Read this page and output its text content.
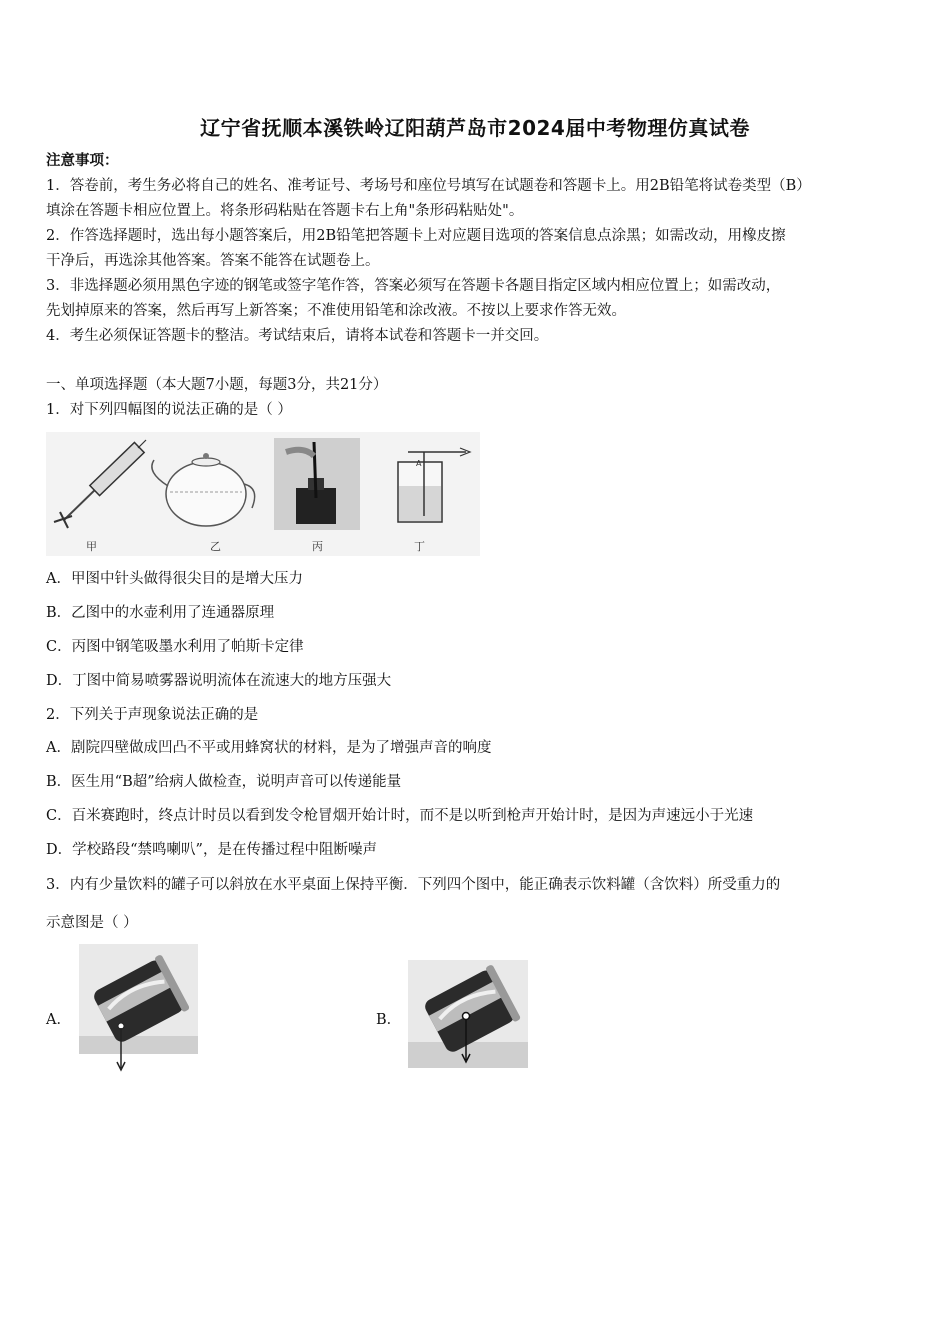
辽宁省抚顺本溪铁岭辽阳葫芦岛市2024届中考物理仿真试卷
注意事项：
1．答卷前，考生务必将自己的姓名、准考证号、考场号和座位号填写在试题卷和答题卡上。用2B铅笔将试卷类型（B）
填涂在答题卡相应位置上。将条形码粘贴在答题卡右上角"条形码粘贴处"。
2．作答选择题时，选出每小题答案后，用2B铅笔把答题卡上对应题目选项的答案信息点涂黑；如需改动，用橡皮擦
干净后，再选涂其他答案。答案不能答在试题卷上。
3．非选择题必须用黑色字迹的钢笔或签字笔作答，答案必须写在答题卡各题目指定区域内相应位置上；如需改动，
先划掉原来的答案，然后再写上新答案；不准使用铅笔和涂改液。不按以上要求作答无效。
4．考生必须保证答题卡的整洁。考试结束后，请将本试卷和答题卡一并交回。
一、单项选择题（本大题7小题，每题3分，共21分）
1．对下列四幅图的说法正确的是（ ）
A
甲	乙	丙	丁
A．甲图中针头做得很尖目的是增大压力
B．乙图中的水壶利用了连通器原理
C．丙图中钢笔吸墨水利用了帕斯卡定律
D．丁图中简易喷雾器说明流体在流速大的地方压强大
2．下列关于声现象说法正确的是
A．剧院四壁做成凹凸不平或用蜂窝状的材料，是为了增强声音的响度
B．医生用“B超”给病人做检查，说明声音可以传递能量
C．百米赛跑时，终点计时员以看到发令枪冒烟开始计时，而不是以听到枪声开始计时，是因为声速远小于光速
D．学校路段“禁鸣喇叭”，是在传播过程中阻断噪声
3．内有少量饮料的罐子可以斜放在水平桌面上保持平衡．下列四个图中，能正确表示饮料罐（含饮料）所受重力的
示意图是（ ）
A．	B．
